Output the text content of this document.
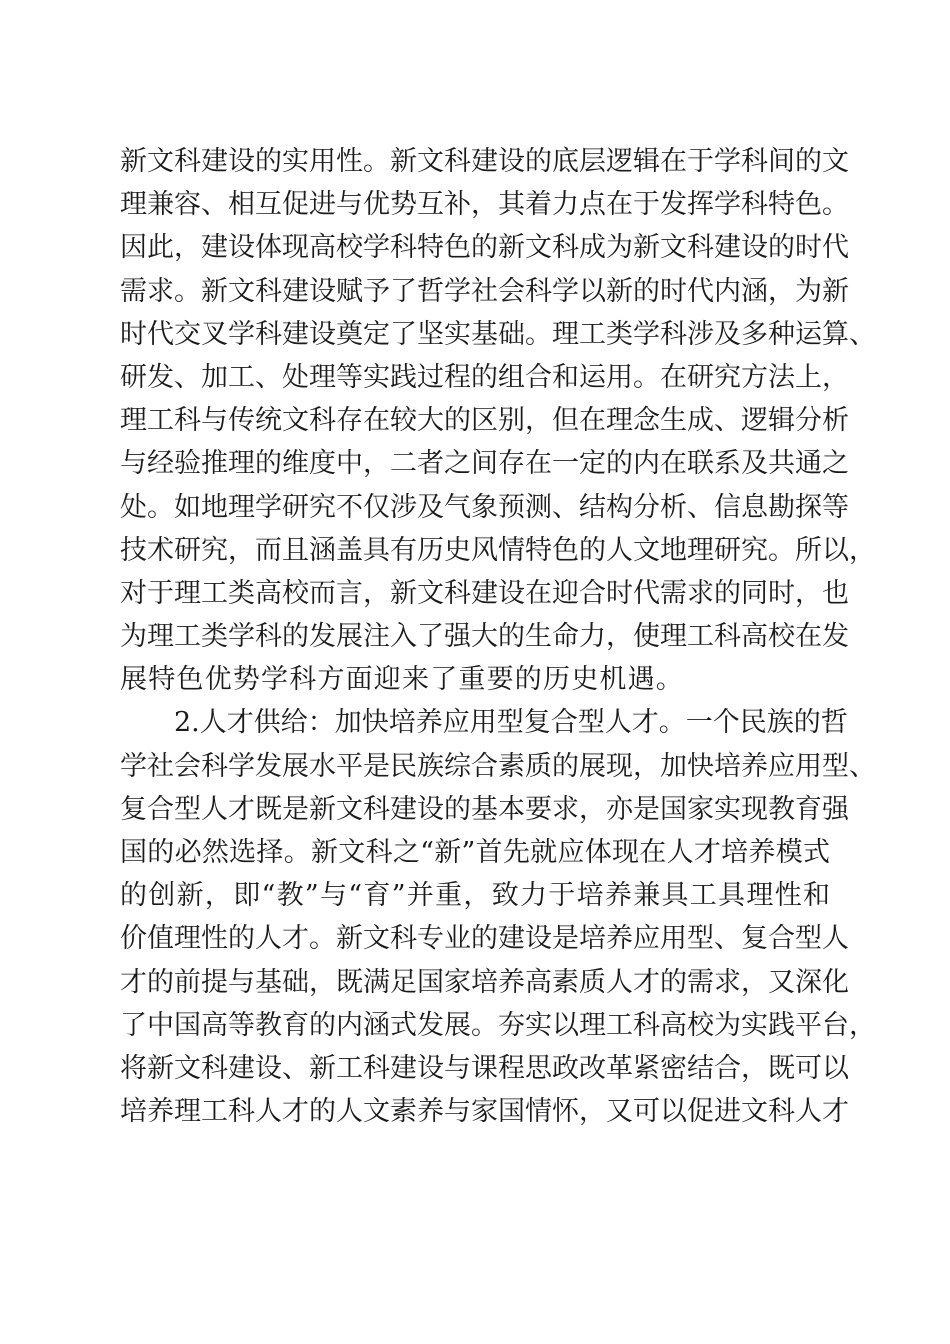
新文科建设的实用性。新文科建设的底层逻辑在于学科间的文
理兼容、相互促进与优势互补，其着力点在于发挥学科特色。
因此，建设体现高校学科特色的新文科成为新文科建设的时代
需求。新文科建设赋予了哲学社会科学以新的时代内涵，为新
时代交叉学科建设奠定了坚实基础。理工类学科涉及多种运算、
研发、加工、处理等实践过程的组合和运用。在研究方法上，
理工科与传统文科存在较大的区别，但在理念生成、逻辑分析
与经验推理的维度中，二者之间存在一定的内在联系及共通之
处。如地理学研究不仅涉及气象预测、结构分析、信息勘探等
技术研究，而且涵盖具有历史风情特色的人文地理研究。所以，
对于理工类高校而言，新文科建设在迎合时代需求的同时，也
为理工类学科的发展注入了强大的生命力，使理工科高校在发
展特色优势学科方面迎来了重要的历史机遇。
2.人才供给：加快培养应用型复合型人才。一个民族的哲
学社会科学发展水平是民族综合素质的展现，加快培养应用型、
复合型人才既是新文科建设的基本要求，亦是国家实现教育强
国的必然选择。新文科之“新”首先就应体现在人才培养模式
的创新，即“教”与“育”并重，致力于培养兼具工具理性和
价值理性的人才。新文科专业的建设是培养应用型、复合型人
才的前提与基础，既满足国家培养高素质人才的需求，又深化
了中国高等教育的内涵式发展。夯实以理工科高校为实践平台，
将新文科建设、新工科建设与课程思政改革紧密结合，既可以
培养理工科人才的人文素养与家国情怀，又可以促进文科人才
